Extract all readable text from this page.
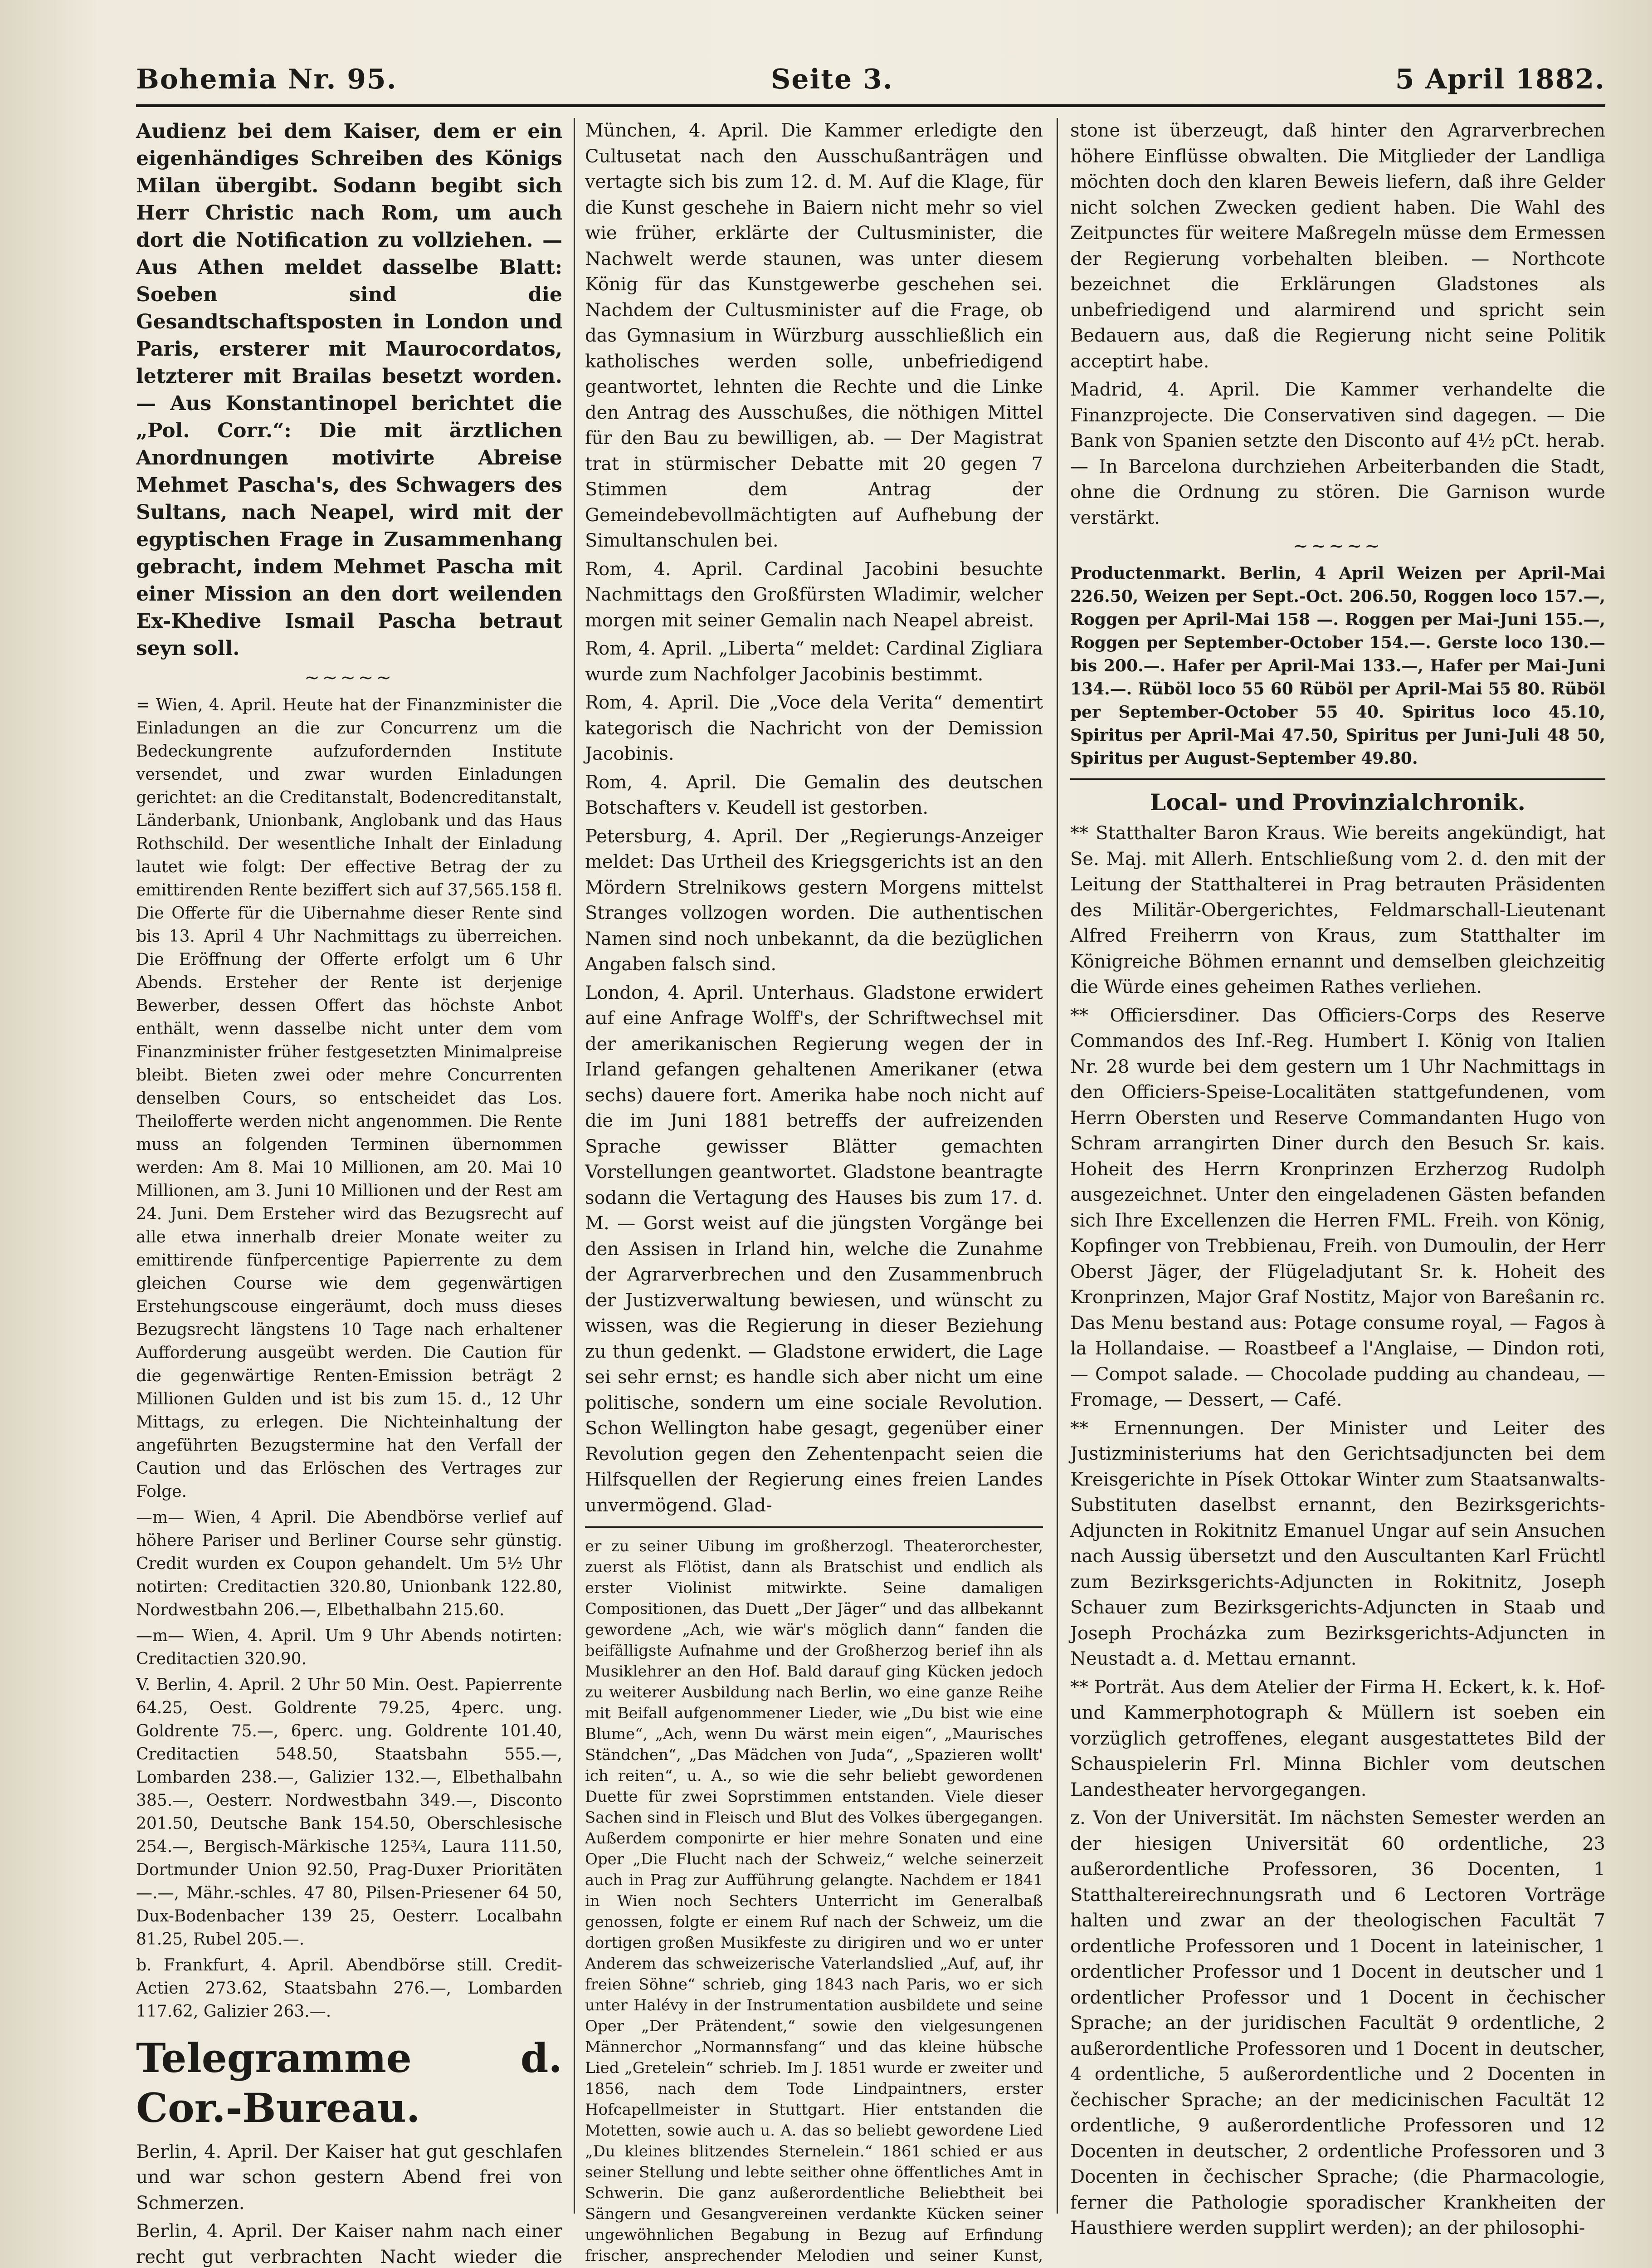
Bohemia Nr. 95.	Seite 3.	5 April 1882.

Audienz bei dem Kaiser, dem er ein eigenhändiges Schreiben des Königs Milan übergibt. Sodann begibt sich Herr Christic nach Rom, um auch dort die Notification zu vollziehen. — Aus Athen meldet dasselbe Blatt: Soeben sind die Gesandtschaftsposten in London und Paris, ersterer mit Maurocordatos, letzterer mit Brailas besetzt worden. — Aus Konstantinopel berichtet die „Pol. Corr.“: Die mit ärztlichen Anordnungen motivirte Abreise Mehmet Pascha's, des Schwagers des Sultans, nach Neapel, wird mit der egyptischen Frage in Zusammenhang gebracht, indem Mehmet Pascha mit einer Mission an den dort weilenden Ex-Khedive Ismail Pascha betraut seyn soll.

~~~~~

= Wien, 4. April. Heute hat der Finanzminister die Einladungen an die zur Concurrenz um die Bedeckungrente aufzufordernden Institute versendet, und zwar wurden Einladungen gerichtet: an die Creditanstalt, Bodencreditanstalt, Länderbank, Unionbank, Anglobank und das Haus Rothschild. Der wesentliche Inhalt der Einladung lautet wie folgt: Der effective Betrag der zu emittirenden Rente beziffert sich auf 37,565.158 fl. Die Offerte für die Uibernahme dieser Rente sind bis 13. April 4 Uhr Nachmittags zu überreichen. Die Eröffnung der Offerte erfolgt um 6 Uhr Abends. Ersteher der Rente ist derjenige Bewerber, dessen Offert das höchste Anbot enthält, wenn dasselbe nicht unter dem vom Finanzminister früher festgesetzten Minimalpreise bleibt. Bieten zwei oder mehre Concurrenten denselben Cours, so entscheidet das Los. Theilofferte werden nicht angenommen. Die Rente muss an folgenden Terminen übernommen werden: Am 8. Mai 10 Millionen, am 20. Mai 10 Millionen, am 3. Juni 10 Millionen und der Rest am 24. Juni. Dem Ersteher wird das Bezugsrecht auf alle etwa innerhalb dreier Monate weiter zu emittirende fünfpercentige Papierrente zu dem gleichen Course wie dem gegenwärtigen Erstehungscouse eingeräumt, doch muss dieses Bezugsrecht längstens 10 Tage nach erhaltener Aufforderung ausgeübt werden. Die Caution für die gegenwärtige Renten-Emission beträgt 2 Millionen Gulden und ist bis zum 15. d., 12 Uhr Mittags, zu erlegen. Die Nichteinhaltung der angeführten Bezugstermine hat den Verfall der Caution und das Erlöschen des Vertrages zur Folge.

—m— Wien, 4 April. Die Abendbörse verlief auf höhere Pariser und Berliner Course sehr günstig. Credit wurden ex Coupon gehandelt. Um 5½ Uhr notirten: Creditactien 320.80, Unionbank 122.80, Nordwestbahn 206.—, Elbethalbahn 215.60.

—m— Wien, 4. April. Um 9 Uhr Abends notirten: Creditactien 320.90.

V. Berlin, 4. April. 2 Uhr 50 Min. Oest. Papierrente 64.25, Oest. Goldrente 79.25, 4perc. ung. Goldrente 75.—, 6perc. ung. Goldrente 101.40, Creditactien 548.50, Staatsbahn 555.—, Lombarden 238.—, Galizier 132.—, Elbethalbahn 385.—, Oesterr. Nordwestbahn 349.—, Disconto 201.50, Deutsche Bank 154.50, Oberschlesische 254.—, Bergisch-Märkische 125¾, Laura 111.50, Dortmunder Union 92.50, Prag-Duxer Prioritäten —.—, Mähr.-schles. 47 80, Pilsen-Priesener 64 50, Dux-Bodenbacher 139 25, Oesterr. Localbahn 81.25, Rubel 205.—.

b. Frankfurt, 4. April. Abendbörse still. Credit-Actien 273.62, Staatsbahn 276.—, Lombarden 117.62, Galizier 263.—.

Telegramme d. Cor.-Bureau.

Berlin, 4. April. Der Kaiser hat gut geschlafen und war schon gestern Abend frei von Schmerzen.

Berlin, 4. April. Der Kaiser nahm nach einer recht gut verbrachten Nacht wieder die

München, 4. April. Die Kammer erledigte den Cultusetat nach den Ausschußanträgen und vertagte sich bis zum 12. d. M. Auf die Klage, für die Kunst geschehe in Baiern nicht mehr so viel wie früher, erklärte der Cultusminister, die Nachwelt werde staunen, was unter diesem König für das Kunstgewerbe geschehen sei. Nachdem der Cultusminister auf die Frage, ob das Gymnasium in Würzburg ausschließlich ein katholisches werden solle, unbefriedigend geantwortet, lehnten die Rechte und die Linke den Antrag des Ausschußes, die nöthigen Mittel für den Bau zu bewilligen, ab. — Der Magistrat trat in stürmischer Debatte mit 20 gegen 7 Stimmen dem Antrag der Gemeindebevollmächtigten auf Aufhebung der Simultanschulen bei.

Rom, 4. April. Cardinal Jacobini besuchte Nachmittags den Großfürsten Wladimir, welcher morgen mit seiner Gemalin nach Neapel abreist.

Rom, 4. April. „Liberta“ meldet: Cardinal Zigliara wurde zum Nachfolger Jacobinis bestimmt.

Rom, 4. April. Die „Voce dela Verita“ dementirt kategorisch die Nachricht von der Demission Jacobinis.

Rom, 4. April. Die Gemalin des deutschen Botschafters v. Keudell ist gestorben.

Petersburg, 4. April. Der „Regierungs-Anzeiger meldet: Das Urtheil des Kriegsgerichts ist an den Mördern Strelnikows gestern Morgens mittelst Stranges vollzogen worden. Die authentischen Namen sind noch unbekannt, da die bezüglichen Angaben falsch sind.

London, 4. April. Unterhaus. Gladstone erwidert auf eine Anfrage Wolff's, der Schriftwechsel mit der amerikanischen Regierung wegen der in Irland gefangen gehaltenen Amerikaner (etwa sechs) dauere fort. Amerika habe noch nicht auf die im Juni 1881 betreffs der aufreizenden Sprache gewisser Blätter gemachten Vorstellungen geantwortet. Gladstone beantragte sodann die Vertagung des Hauses bis zum 17. d. M. — Gorst weist auf die jüngsten Vorgänge bei den Assisen in Irland hin, welche die Zunahme der Agrarverbrechen und den Zusammenbruch der Justizverwaltung bewiesen, und wünscht zu wissen, was die Regierung in dieser Beziehung zu thun gedenkt. — Gladstone erwidert, die Lage sei sehr ernst; es handle sich aber nicht um eine politische, sondern um eine sociale Revolution. Schon Wellington habe gesagt, gegenüber einer Revolution gegen den Zehentenpacht seien die Hilfsquellen der Regierung eines freien Landes unvermögend. Glad-

er zu seiner Uibung im großherzogl. Theaterorchester, zuerst als Flötist, dann als Bratschist und endlich als erster Violinist mitwirkte. Seine damaligen Compositionen, das Duett „Der Jäger“ und das allbekannt gewordene „Ach, wie wär's möglich dann“ fanden die beifälligste Aufnahme und der Großherzog berief ihn als Musiklehrer an den Hof. Bald darauf ging Kücken jedoch zu weiterer Ausbildung nach Berlin, wo eine ganze Reihe mit Beifall aufgenommener Lieder, wie „Du bist wie eine Blume“, „Ach, wenn Du wärst mein eigen“, „Maurisches Ständchen“, „Das Mädchen von Juda“, „Spazieren wollt' ich reiten“, u. A., so wie die sehr beliebt gewordenen Duette für zwei Soprstimmen entstanden. Viele dieser Sachen sind in Fleisch und Blut des Volkes übergegangen. Außerdem componirte er hier mehre Sonaten und eine Oper „Die Flucht nach der Schweiz,“ welche seinerzeit auch in Prag zur Aufführung gelangte. Nachdem er 1841 in Wien noch Sechters Unterricht im Generalbaß genossen, folgte er einem Ruf nach der Schweiz, um die dortigen großen Musikfeste zu dirigiren und wo er unter Anderem das schweizerische Vaterlandslied „Auf, auf, ihr freien Söhne“ schrieb, ging 1843 nach Paris, wo er sich unter Halévy in der Instrumentation ausbildete und seine Oper „Der Prätendent,“ sowie den vielgesungenen Männerchor „Normannsfang“ und das kleine hübsche Lied „Gretelein“ schrieb. Im J. 1851 wurde er zweiter und 1856, nach dem Tode Lindpaintners, erster Hofcapellmeister in Stuttgart. Hier entstanden die Motetten, sowie auch u. A. das so beliebt gewordene Lied „Du kleines blitzendes Sternelein.“ 1861 schied er aus seiner Stellung und lebte seither ohne öffentliches Amt in Schwerin. Die ganz außerordentliche Beliebtheit bei Sängern und Gesangvereinen verdankte Kücken seiner ungewöhnlichen Begabung in Bezug auf Erfindung frischer, ansprechender Melodien und seiner Kunst,

stone ist überzeugt, daß hinter den Agrarverbrechen höhere Einflüsse obwalten. Die Mitglieder der Landliga möchten doch den klaren Beweis liefern, daß ihre Gelder nicht solchen Zwecken gedient haben. Die Wahl des Zeitpunctes für weitere Maßregeln müsse dem Ermessen der Regierung vorbehalten bleiben. — Northcote bezeichnet die Erklärungen Gladstones als unbefriedigend und alarmirend und spricht sein Bedauern aus, daß die Regierung nicht seine Politik acceptirt habe.

Madrid, 4. April. Die Kammer verhandelte die Finanzprojecte. Die Conservativen sind dagegen. — Die Bank von Spanien setzte den Disconto auf 4½ pCt. herab. — In Barcelona durchziehen Arbeiterbanden die Stadt, ohne die Ordnung zu stören. Die Garnison wurde verstärkt.

~~~~~

Productenmarkt. Berlin, 4 April Weizen per April-Mai 226.50, Weizen per Sept.-Oct. 206.50, Roggen loco 157.—, Roggen per April-Mai 158 —. Roggen per Mai-Juni 155.—, Roggen per September-October 154.—. Gerste loco 130.— bis 200.—. Hafer per April-Mai 133.—, Hafer per Mai-Juni 134.—. Rüböl loco 55 60 Rüböl per April-Mai 55 80. Rüböl per September-October 55 40. Spiritus loco 45.10, Spiritus per April-Mai 47.50, Spiritus per Juni-Juli 48 50, Spiritus per August-September 49.80.

Local- und Provinzialchronik.

** Statthalter Baron Kraus. Wie bereits angekündigt, hat Se. Maj. mit Allerh. Entschließung vom 2. d. den mit der Leitung der Statthalterei in Prag betrauten Präsidenten des Militär-Obergerichtes, Feldmarschall-Lieutenant Alfred Freiherrn von Kraus, zum Statthalter im Königreiche Böhmen ernannt und demselben gleichzeitig die Würde eines geheimen Rathes verliehen.

** Officiersdiner. Das Officiers-Corps des Reserve Commandos des Inf.-Reg. Humbert I. König von Italien Nr. 28 wurde bei dem gestern um 1 Uhr Nachmittags in den Officiers-Speise-Localitäten stattgefundenen, vom Herrn Obersten und Reserve Commandanten Hugo von Schram arrangirten Diner durch den Besuch Sr. kais. Hoheit des Herrn Kronprinzen Erzherzog Rudolph ausgezeichnet. Unter den eingeladenen Gästen befanden sich Ihre Excellenzen die Herren FML. Freih. von König, Kopfinger von Trebbienau, Freih. von Dumoulin, der Herr Oberst Jäger, der Flügeladjutant Sr. k. Hoheit des Kronprinzen, Major Graf Nostitz, Major von Bareŝanin rc. Das Menu bestand aus: Potage consume royal, — Fagos à la Hollandaise. — Roastbeef a l'Anglaise, — Dindon roti, — Compot salade. — Chocolade pudding au chandeau, — Fromage, — Dessert, — Café.

** Ernennungen. Der Minister und Leiter des Justizministeriums hat den Gerichtsadjuncten bei dem Kreisgerichte in Písek Ottokar Winter zum Staatsanwalts-Substituten daselbst ernannt, den Bezirksgerichts-Adjuncten in Rokitnitz Emanuel Ungar auf sein Ansuchen nach Aussig übersetzt und den Auscultanten Karl Früchtl zum Bezirksgerichts-Adjuncten in Rokitnitz, Joseph Schauer zum Bezirksgerichts-Adjuncten in Staab und Joseph Procházka zum Bezirksgerichts-Adjuncten in Neustadt a. d. Mettau ernannt.

** Porträt. Aus dem Atelier der Firma H. Eckert, k. k. Hof- und Kammerphotograph & Müllern ist soeben ein vorzüglich getroffenes, elegant ausgestattetes Bild der Schauspielerin Frl. Minna Bichler vom deutschen Landestheater hervorgegangen.

z. Von der Universität. Im nächsten Semester werden an der hiesigen Universität 60 ordentliche, 23 außerordentliche Professoren, 36 Docenten, 1 Statthaltereirechnungsrath und 6 Lectoren Vorträge halten und zwar an der theologischen Facultät 7 ordentliche Professoren und 1 Docent in lateinischer, 1 ordentlicher Professor und 1 Docent in deutscher und 1 ordentlicher Professor und 1 Docent in čechischer Sprache; an der juridischen Facultät 9 ordentliche, 2 außerordentliche Professoren und 1 Docent in deutscher, 4 ordentliche, 5 außerordentliche und 2 Docenten in čechischer Sprache; an der medicinischen Facultät 12 ordentliche, 9 außerordentliche Professoren und 12 Docenten in deutscher, 2 ordentliche Professoren und 3 Docenten in čechischer Sprache; (die Pharmacologie, ferner die Pathologie sporadischer Krankheiten der Hausthiere werden supplirt werden); an der philosophi-
